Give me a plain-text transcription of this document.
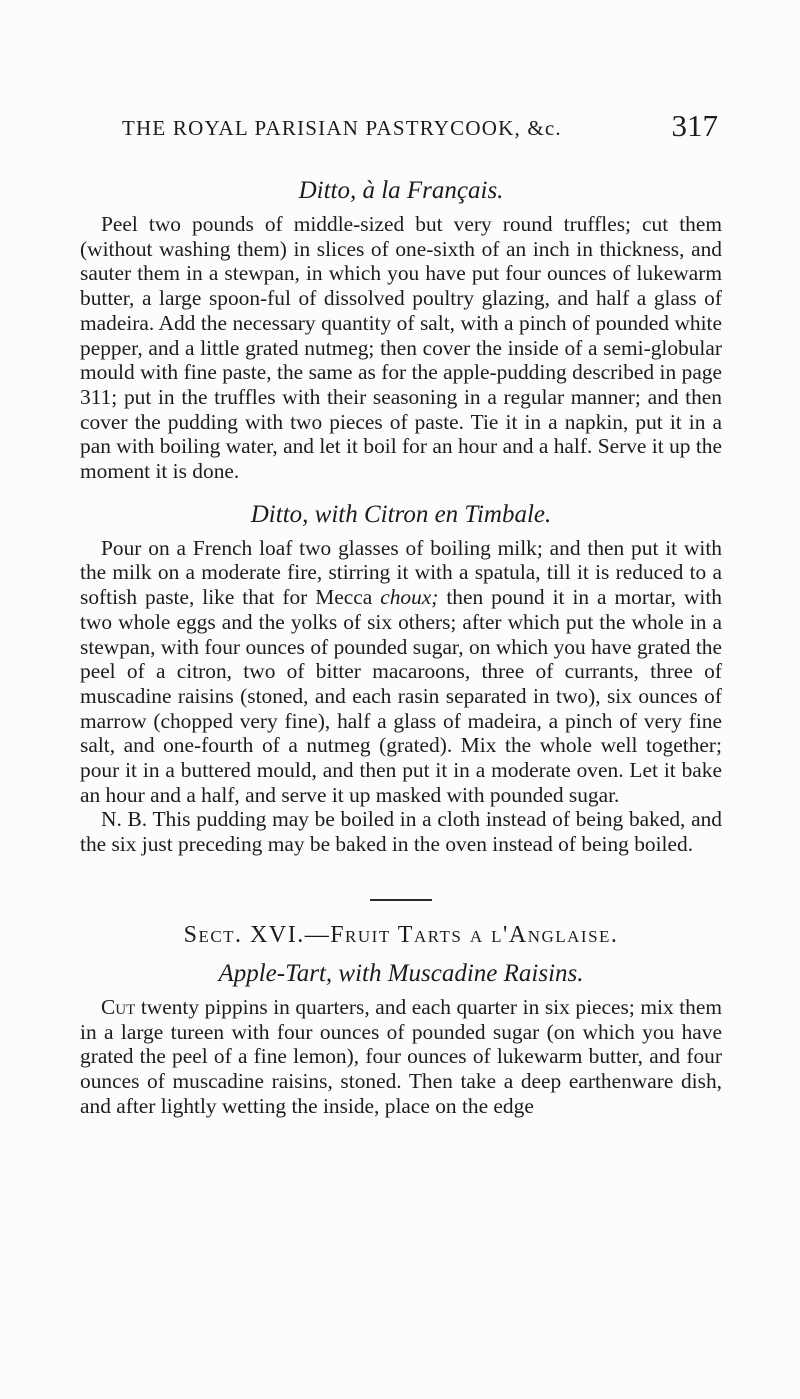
THE ROYAL PARISIAN PASTRYCOOK, &c.	317
Ditto, à la Français.

Peel two pounds of middle-sized but very round truffles; cut them (without washing them) in slices of one-sixth of an inch in thickness, and sauter them in a stewpan, in which you have put four ounces of lukewarm butter, a large spoon-ful of dissolved poultry glazing, and half a glass of madeira. Add the necessary quantity of salt, with a pinch of pounded white pepper, and a little grated nutmeg; then cover the inside of a semi-globular mould with fine paste, the same as for the apple-pudding described in page 311; put in the truffles with their seasoning in a regular manner; and then cover the pudding with two pieces of paste. Tie it in a napkin, put it in a pan with boiling water, and let it boil for an hour and a half. Serve it up the moment it is done.

Ditto, with Citron en Timbale.

Pour on a French loaf two glasses of boiling milk; and then put it with the milk on a moderate fire, stirring it with a spatula, till it is reduced to a softish paste, like that for Mecca choux; then pound it in a mortar, with two whole eggs and the yolks of six others; after which put the whole in a stewpan, with four ounces of pounded sugar, on which you have grated the peel of a citron, two of bitter macaroons, three of currants, three of muscadine raisins (stoned, and each rasin separated in two), six ounces of marrow (chopped very fine), half a glass of madeira, a pinch of very fine salt, and one-fourth of a nutmeg (grated). Mix the whole well together; pour it in a buttered mould, and then put it in a moderate oven. Let it bake an hour and a half, and serve it up masked with pounded sugar.

N. B. This pudding may be boiled in a cloth instead of being baked, and the six just preceding may be baked in the oven instead of being boiled.

Sect. XVI.—Fruit Tarts a l'Anglaise.
Apple-Tart, with Muscadine Raisins.

Cut twenty pippins in quarters, and each quarter in six pieces; mix them in a large tureen with four ounces of pounded sugar (on which you have grated the peel of a fine lemon), four ounces of lukewarm butter, and four ounces of muscadine raisins, stoned. Then take a deep earthenware dish, and after lightly wetting the inside, place on the edge
